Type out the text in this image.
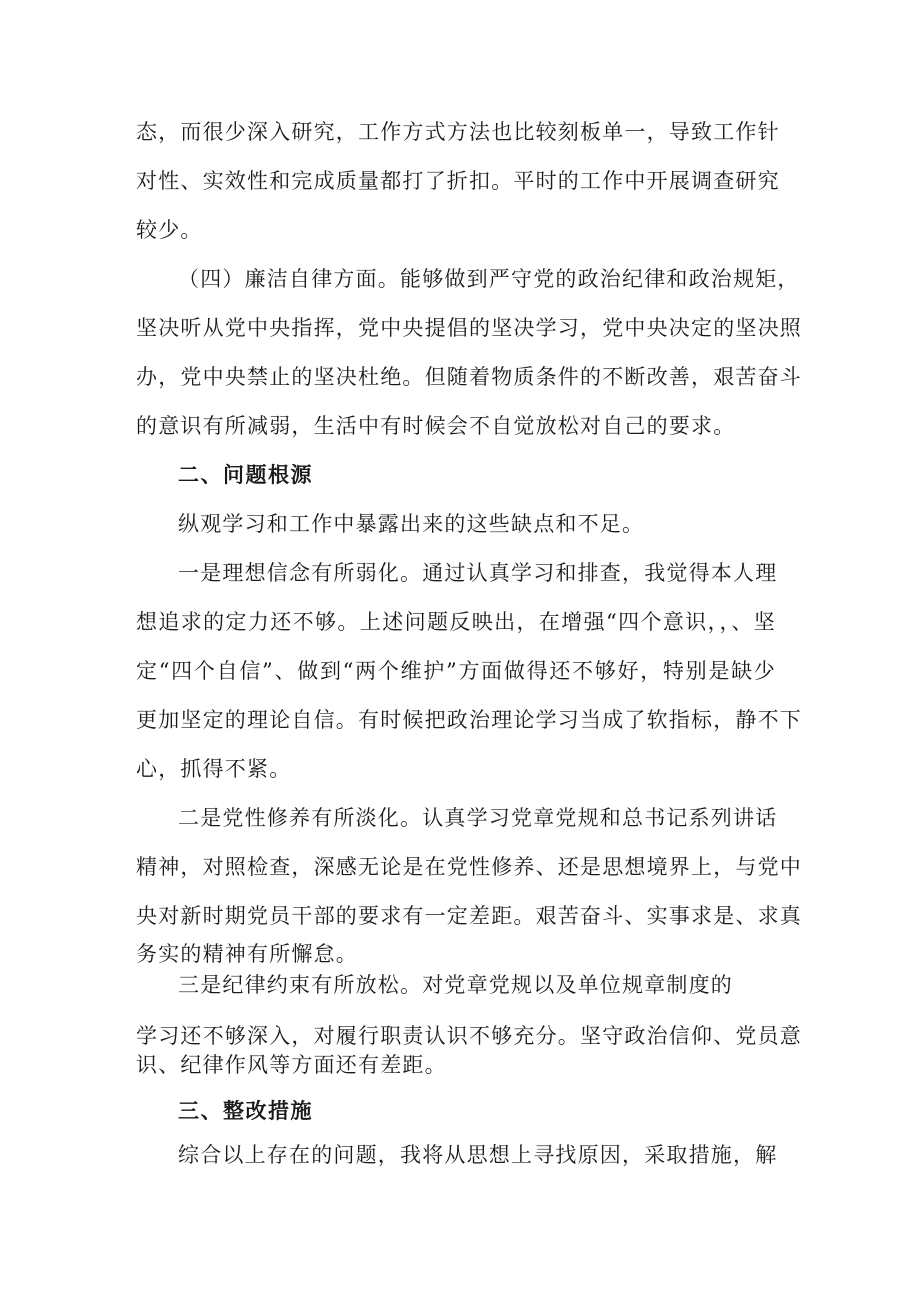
态，而很少深入研究，工作方式方法也比较刻板单一，导致工作针
对性、实效性和完成质量都打了折扣。平时的工作中开展调查研究
较少。
（四）廉洁自律方面。能够做到严守党的政治纪律和政治规矩，
坚决听从党中央指挥，党中央提倡的坚决学习，党中央决定的坚决照
办，党中央禁止的坚决杜绝。但随着物质条件的不断改善，艰苦奋斗
的意识有所减弱，生活中有时候会不自觉放松对自己的要求。
二、问题根源
纵观学习和工作中暴露出来的这些缺点和不足。
一是理想信念有所弱化。通过认真学习和排查，我觉得本人理
想追求的定力还不够。上述问题反映出，在增强“四个意识，，、坚
定“四个自信”、做到“两个维护”方面做得还不够好，特别是缺少
更加坚定的理论自信。有时候把政治理论学习当成了软指标，静不下
心，抓得不紧。
二是党性修养有所淡化。认真学习党章党规和总书记系列讲话
精神，对照检查，深感无论是在党性修养、还是思想境界上，与党中
央对新时期党员干部的要求有一定差距。艰苦奋斗、实事求是、求真
务实的精神有所懈怠。
三是纪律约束有所放松。对党章党规以及单位规章制度的
学习还不够深入，对履行职责认识不够充分。坚守政治信仰、党员意
识、纪律作风等方面还有差距。
三、整改措施
综合以上存在的问题，我将从思想上寻找原因，采取措施，解
